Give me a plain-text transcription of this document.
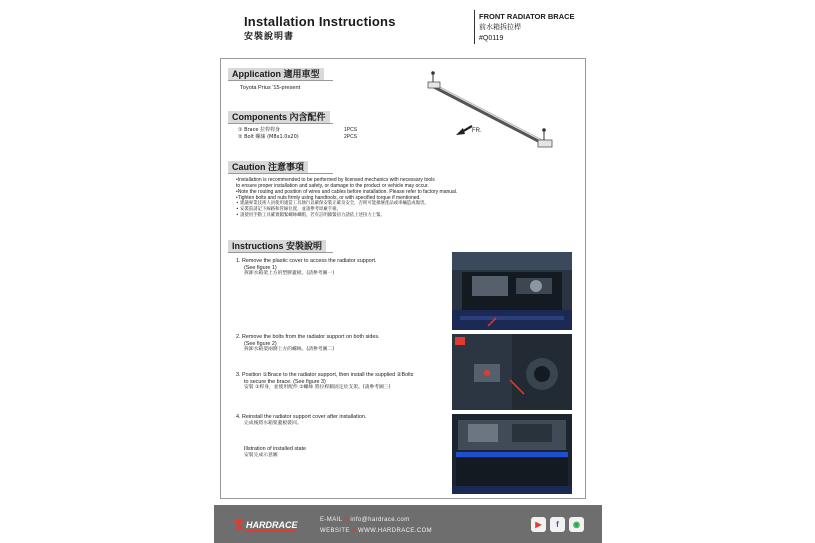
Installation Instructions
安裝說明書
FRONT RADIATOR BRACE
前水箱拆拉桿
#Q0119
Application 適用車型
Toyota Prius '15-present
FR.
Components 內含配件
① Brace 拉桿桿身	1PCS
② Bolt 螺絲 (M8x1.0x20)	2PCS
Caution 注意事項
•Installation is recommended to be performed by licensed mechanics with necessary tools
to ensure proper installation and safety, or damage to the product or vehicle may occur.
•Note the routing and position of wires and cables before installation. Please refer to factory manual.
•Tighten bolts and nuts firmly using handtools, or with specified torque if mentioned.
• 建議專業技術人員使用適當工具執行以確保安裝正確及安全，否則可能損壞產品或車輛造成傷害。
• 安裝前請記下線路和管線位置，並請參考原廠手冊。
• 請使用手動工具確實鎖緊螺絲螺帽，若有註明鎖緊扭力請依上述扭力上緊。
Instructions 安裝說明
1. Remove the plastic cover to access the radiator support.
(See figure 1)
拆卸水箱架上方的塑膠蓋板。(請參考圖一)
2. Remove the bolts from the radiator support on both sides.
(See figure 2)
拆卸水箱架兩側上方的螺絲。(請參考圖二)
3. Position ①Brace to the radiator support, then install the supplied ②Bolts
to secure the brace. (See figure 3)
安裝 ①桿身，並使用配件 ②螺絲 將拉桿鎖固定於支架。(請參考圖三)
4. Reinstall the radiator support cover after installation.
完成後將水箱架蓋板裝回。
Illstration of installed state
安裝完成示意圖
HARDRACE	E-MAIL ● info@hardrace.com
WEBSITE ● WWW.HARDRACE.COM
▶	f	◉
